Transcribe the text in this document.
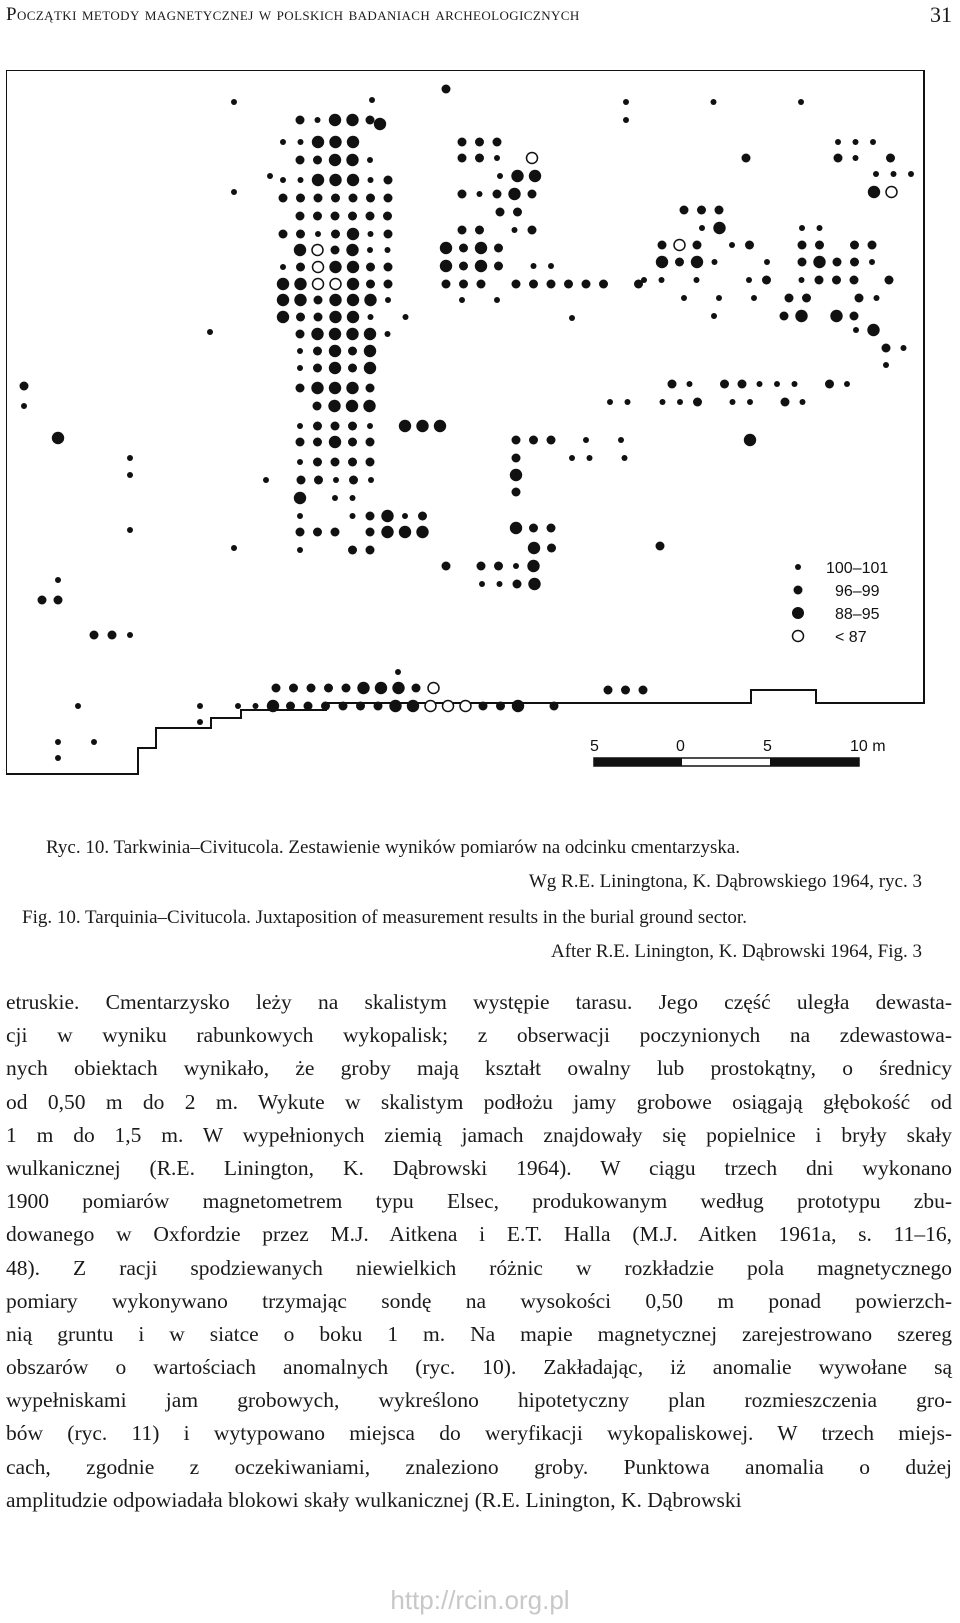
Początki metody magnetycznej w polskich badaniach archeologicznych	31
100–101
96–99
88–95
< 87
5	0	5	10 m
Ryc. 10. Tarkwinia–Civitucola. Zestawienie wyników pomiarów na odcinku cmentarzyska.
Wg R.E. Liningtona, K. Dąbrowskiego 1964, ryc. 3
Fig. 10. Tarquinia–Civitucola. Juxtaposition of measurement results in the burial ground sector.
After R.E. Linington, K. Dąbrowski 1964, Fig. 3
etruskie. Cmentarzysko leży na skalistym występie tarasu. Jego część uległa dewasta-
cji w wyniku rabunkowych wykopalisk; z obserwacji poczynionych na zdewastowa-
nych obiektach wynikało, że groby mają kształt owalny lub prostokątny, o średnicy
od 0,50 m do 2 m. Wykute w skalistym podłożu jamy grobowe osiągają głębokość od
1 m do 1,5 m. W wypełnionych ziemią jamach znajdowały się popielnice i bryły skały
wulkanicznej (R.E. Linington, K. Dąbrowski 1964). W ciągu trzech dni wykonano
1900 pomiarów magnetometrem typu Elsec, produkowanym według prototypu zbu-
dowanego w Oxfordzie przez M.J. Aitkena i E.T. Halla (M.J. Aitken 1961a, s. 11–16,
48). Z racji spodziewanych niewielkich różnic w rozkładzie pola magnetycznego
pomiary wykonywano trzymając sondę na wysokości 0,50 m ponad powierzch-
nią gruntu i w siatce o boku 1 m. Na mapie magnetycznej zarejestrowano szereg
obszarów o wartościach anomalnych (ryc. 10). Zakładając, iż anomalie wywołane są
wypełniskami jam grobowych, wykreślono hipotetyczny plan rozmieszczenia gro-
bów (ryc. 11) i wytypowano miejsca do weryfikacji wykopaliskowej. W trzech miejs-
cach, zgodnie z oczekiwaniami, znaleziono groby. Punktowa anomalia o dużej
amplitudzie odpowiadała blokowi skały wulkanicznej (R.E. Linington, K. Dąbrowski
http://rcin.org.pl
